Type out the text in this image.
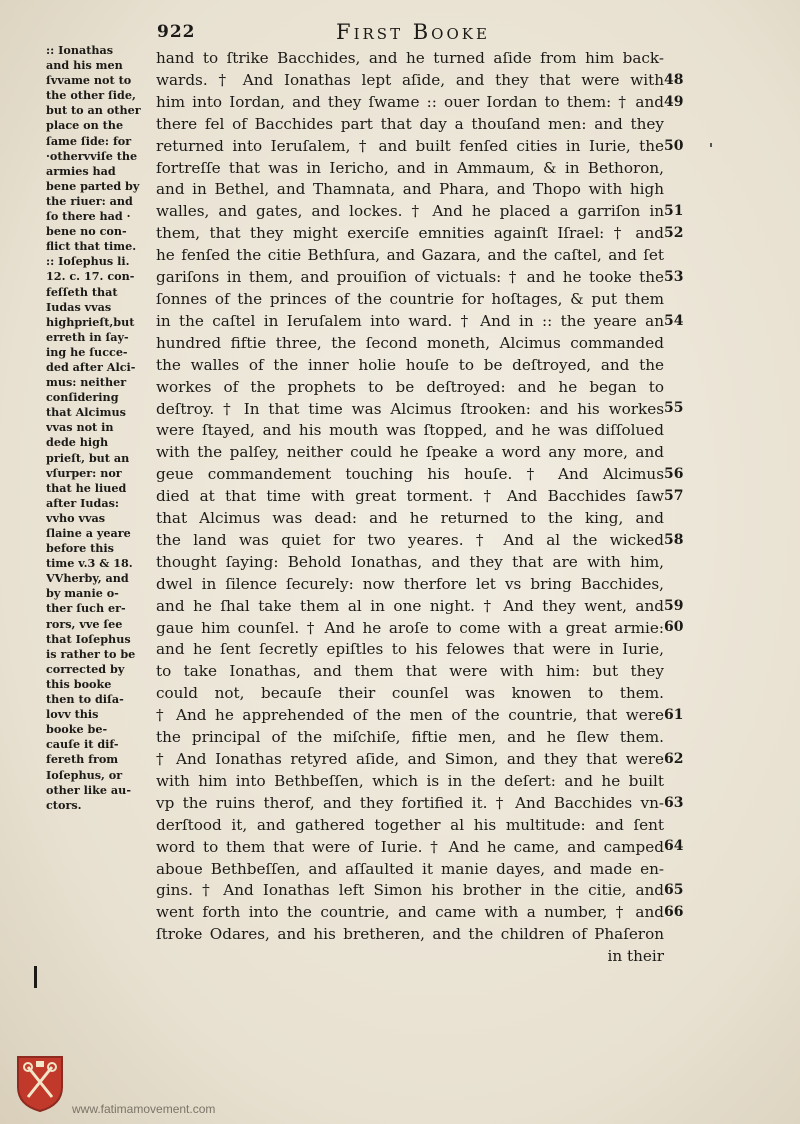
922	First Booke
:: Ionathas
and his men
ſvvame not to
the other ſide,
but to an other
place on the
ſame ſide: for
·othervviſe the
armies had
bene parted by
the riuer: and
ſo there had ·
bene no con-
flict that time.
:: Ioſephus li.
12. c. 17. con-
feſſeth that
Iudas vvas
highprieſt,but
erreth in ſay-
ing he ſucce-
ded after Alci-
mus: neither
conſidering
that Alcimus
vvas not in
dede high
prieſt, but an
vſurper: nor
that he liued
after Iudas:
vvho vvas
ſlaine a yeare
before this
time v.3 & 18.
VVherby, and
by manie o-
ther ſuch er-
rors, vve ſee
that Ioſephus
is rather to be
corrected by
this booke
then to diſa-
lovv this
booke be-
cauſe it dif-
fereth from
Ioſephus, or
other like au-
ctors.
hand to ſtrike Bacchides, and he turned aſide from him back-
wards. † And Ionathas lept aſide, and they that were with
him into Iordan, and they ſwame :: ouer Iordan to them: † and
there fel of Bacchides part that day a thouſand men: and they
returned into Ieruſalem, † and built fenſed cities in Iurie, the
fortreſſe that was in Iericho, and in Ammaum, & in Bethoron,
and in Bethel, and Thamnata, and Phara, and Thopo with high
walles, and gates, and lockes. † And he placed a garriſon in
them, that they might exerciſe emnities againſt Iſrael: † and
he fenſed the citie Bethſura, and Gazara, and the caſtel, and ſet
gariſons in them, and prouiſion of victuals: † and he tooke the
ſonnes of the princes of the countrie for hoſtages, & put them
in the caſtel in Ieruſalem into ward. † And in :: the yeare an
hundred fiftie three, the ſecond moneth, Alcimus commanded
the walles of the inner holie houſe to be deſtroyed, and the
workes of the prophets to be deſtroyed: and he began to
deſtroy. † In that time was Alcimus ſtrooken: and his workes
were ſtayed, and his mouth was ſtopped, and he was diſſolued
with the palſey, neither could he ſpeake a word any more, and
geue commandement touching his houſe. † And Alcimus
died at that time with great torment. † And Bacchides ſaw
that Alcimus was dead: and he returned to the king, and
the land was quiet for two yeares. † And al the wicked
thought ſaying: Behold Ionathas, and they that are with him,
dwel in ſilence ſecurely: now therfore let vs bring Bacchides,
and he ſhal take them al in one night. † And they went, and
gaue him counſel. † And he aroſe to come with a great armie:
and he ſent ſecretly epiſtles to his felowes that were in Iurie,
to take Ionathas, and them that were with him: but they
could not, becauſe their counſel was knowen to them.
† And he apprehended of the men of the countrie, that were
the principal of the miſchiſe, fiftie men, and he ſlew them.
† And Ionathas retyred aſide, and Simon, and they that were
with him into Bethbeſſen, which is in the deſert: and he built
vp the ruins therof, and they fortified it. † And Bacchides vn-
derſtood it, and gathered together al his multitude: and ſent
word to them that were of Iurie. † And he came, and camped
aboue Bethbeſſen, and aſſaulted it manie dayes, and made en-
gins. † And Ionathas left Simon his brother in the citie, and
went forth into the countrie, and came with a number, † and
ſtroke Odares, and his bretheren, and the children of Phaſeron
in their
48
49
50
51
52
53
54
55
56
57
58
59
60
61
62
63
64
65
66
www.fatimamovement.com
